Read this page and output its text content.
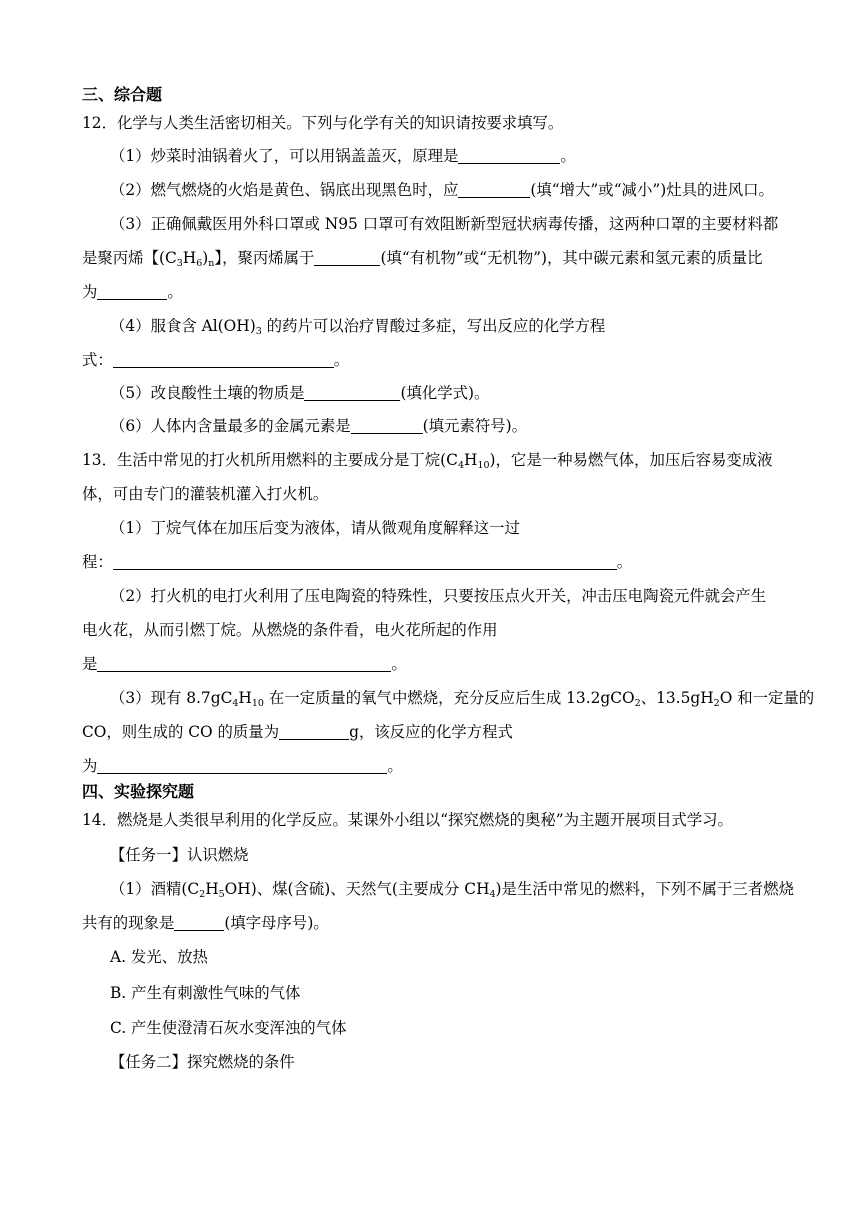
三、综合题
12．化学与人类生活密切相关。下列与化学有关的知识请按要求填写。
（1）炒菜时油锅着火了，可以用锅盖盖灭，原理是	。
（2）燃气燃烧的火焰是黄色、锅底出现黑色时，应	(填“增大”或“减小”)灶具的进风口。
（3）正确佩戴医用外科口罩或 N95 口罩可有效阻断新型冠状病毒传播，这两种口罩的主要材料都
是聚丙烯【$(C_3H_6)_n$】，聚丙烯属于	(填“有机物”或“无机物”)，其中碳元素和氢元素的质量比
为	。
（4）服食含 $Al(OH)_3$ 的药片可以治疗胃酸过多症，写出反应的化学方程
式：	。
（5）改良酸性土壤的物质是	(填化学式)。
（6）人体内含量最多的金属元素是	(填元素符号)。
13．生活中常见的打火机所用燃料的主要成分是丁烷$(C_4H_{10})$，它是一种易燃气体，加压后容易变成液
体，可由专门的灌装机灌入打火机。
（1）丁烷气体在加压后变为液体，请从微观角度解释这一过
程：	。
（2）打火机的电打火利用了压电陶瓷的特殊性，只要按压点火开关，冲击压电陶瓷元件就会产生
电火花，从而引燃丁烷。从燃烧的条件看，电火花所起的作用
是	。
（3）现有 $8.7gC_4H_{10}$ 在一定质量的氧气中燃烧，充分反应后生成 13.2gCO$_2$、$13.5gH_2O$ 和一定量的
CO，则生成的 CO 的质量为	g，该反应的化学方程式
为	。
四、实验探究题
14．燃烧是人类很早利用的化学反应。某课外小组以“探究燃烧的奥秘”为主题开展项目式学习。
【任务一】认识燃烧
（1）酒精$(C_2H_5OH)$、煤(含硫)、天然气(主要成分 $CH_4$)是生活中常见的燃料，下列不属于三者燃烧
共有的现象是	(填字母序号)。
A. 发光、放热
B. 产生有刺激性气味的气体
C. 产生使澄清石灰水变浑浊的气体
【任务二】探究燃烧的条件
